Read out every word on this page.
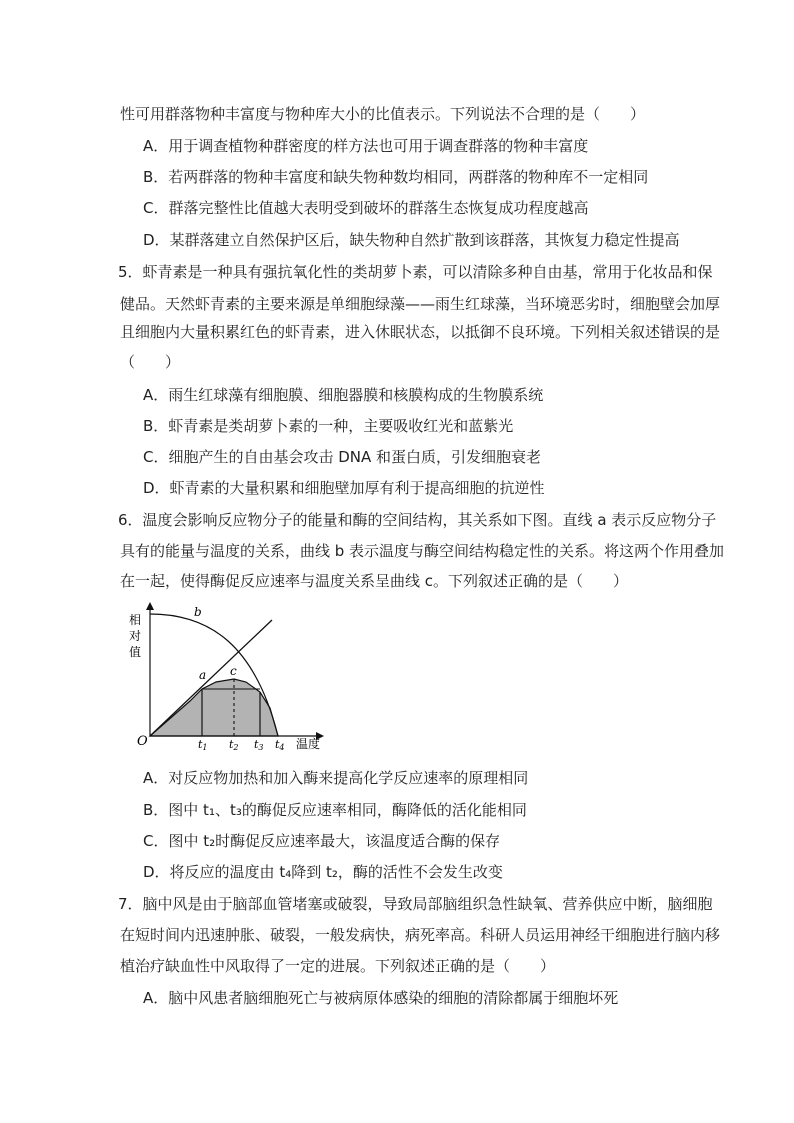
性可用群落物种丰富度与物种库大小的比值表示。下列说法不合理的是（　　）
A．用于调查植物种群密度的样方法也可用于调查群落的物种丰富度
B．若两群落的物种丰富度和缺失物种数均相同，两群落的物种库不一定相同
C．群落完整性比值越大表明受到破坏的群落生态恢复成功程度越高
D．某群落建立自然保护区后，缺失物种自然扩散到该群落，其恢复力稳定性提高
5．虾青素是一种具有强抗氧化性的类胡萝卜素，可以清除多种自由基，常用于化妆品和保
健品。天然虾青素的主要来源是单细胞绿藻——雨生红球藻，当环境恶劣时，细胞壁会加厚
且细胞内大量积累红色的虾青素，进入休眠状态，以抵御不良环境。下列相关叙述错误的是
（　　）
A．雨生红球藻有细胞膜、细胞器膜和核膜构成的生物膜系统
B．虾青素是类胡萝卜素的一种，主要吸收红光和蓝紫光
C．细胞产生的自由基会攻击 DNA 和蛋白质，引发细胞衰老
D．虾青素的大量积累和细胞壁加厚有利于提高细胞的抗逆性
6．温度会影响反应物分子的能量和酶的空间结构，其关系如下图。直线 a 表示反应物分子
具有的能量与温度的关系，曲线 b 表示温度与酶空间结构稳定性的关系。将这两个作用叠加
在一起，使得酶促反应速率与温度关系呈曲线 c。下列叙述正确的是（　　）
相
对
值
温度
O
b
a c
t1 t2 t3 t4
A．对反应物加热和加入酶来提高化学反应速率的原理相同
B．图中 t₁、t₃的酶促反应速率相同，酶降低的活化能相同
C．图中 t₂时酶促反应速率最大，该温度适合酶的保存
D．将反应的温度由 t₄降到 t₂，酶的活性不会发生改变
7．脑中风是由于脑部血管堵塞或破裂，导致局部脑组织急性缺氧、营养供应中断，脑细胞
在短时间内迅速肿胀、破裂，一般发病快，病死率高。科研人员运用神经干细胞进行脑内移
植治疗缺血性中风取得了一定的进展。下列叙述正确的是（　　）
A．脑中风患者脑细胞死亡与被病原体感染的细胞的清除都属于细胞坏死
